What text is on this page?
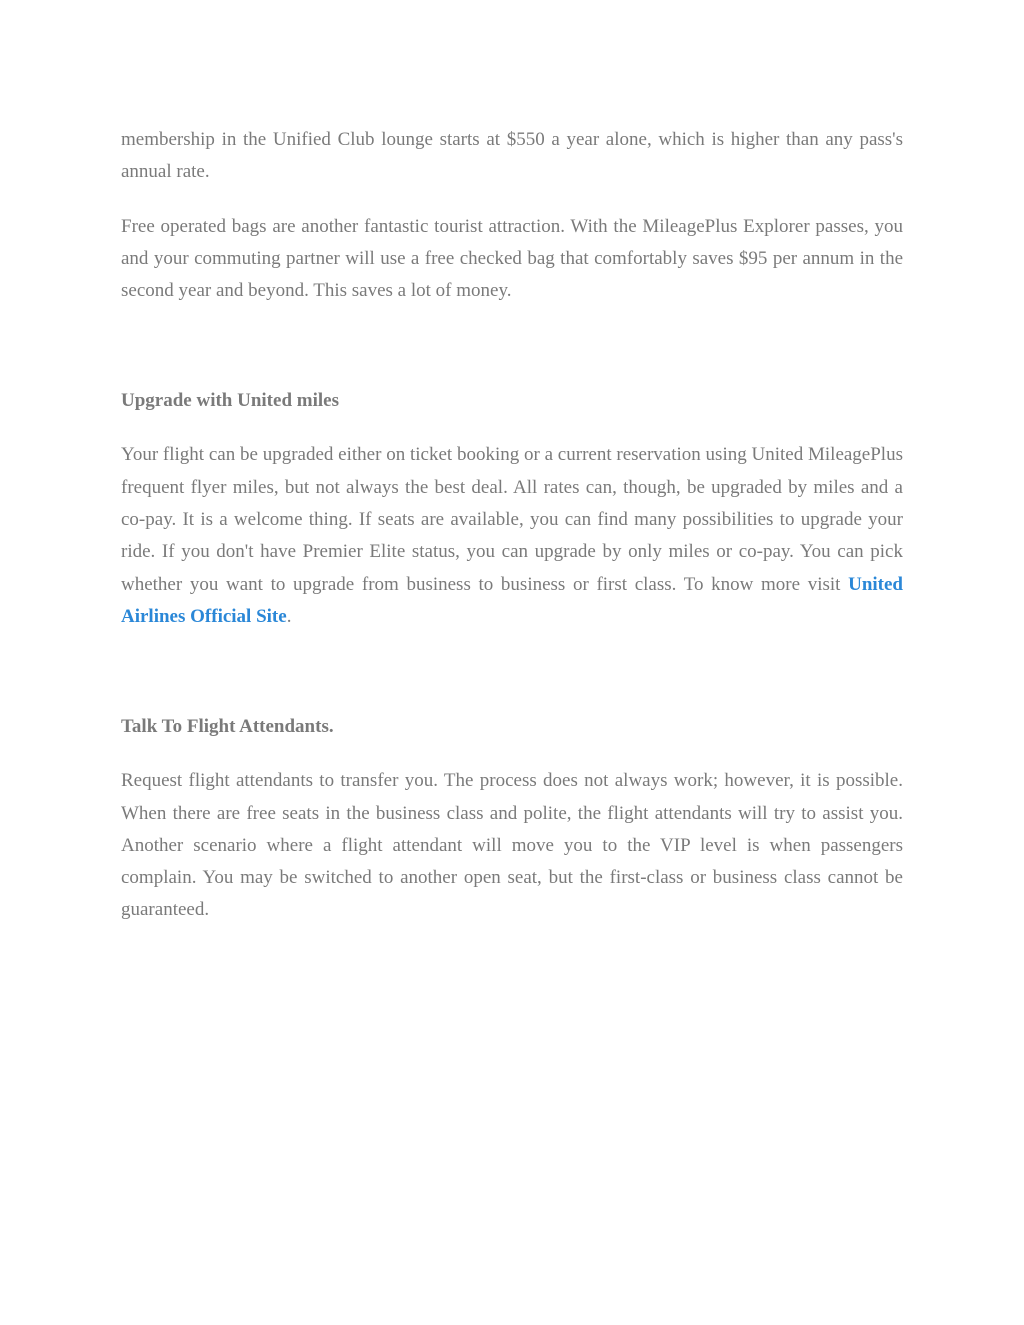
membership in the Unified Club lounge starts at $550 a year alone, which is higher than any pass's annual rate.

Free operated bags are another fantastic tourist attraction. With the MileagePlus Explorer passes, you and your commuting partner will use a free checked bag that comfortably saves $95 per annum in the second year and beyond. This saves a lot of money.

Upgrade with United miles

Your flight can be upgraded either on ticket booking or a current reservation using United MileagePlus frequent flyer miles, but not always the best deal. All rates can, though, be upgraded by miles and a co-pay. It is a welcome thing. If seats are available, you can find many possibilities to upgrade your ride. If you don't have Premier Elite status, you can upgrade by only miles or co-pay. You can pick whether you want to upgrade from business to business or first class. To know more visit United Airlines Official Site.

Talk To Flight Attendants.

Request flight attendants to transfer you. The process does not always work; however, it is possible. When there are free seats in the business class and polite, the flight attendants will try to assist you. Another scenario where a flight attendant will move you to the VIP level is when passengers complain. You may be switched to another open seat, but the first-class or business class cannot be guaranteed.
